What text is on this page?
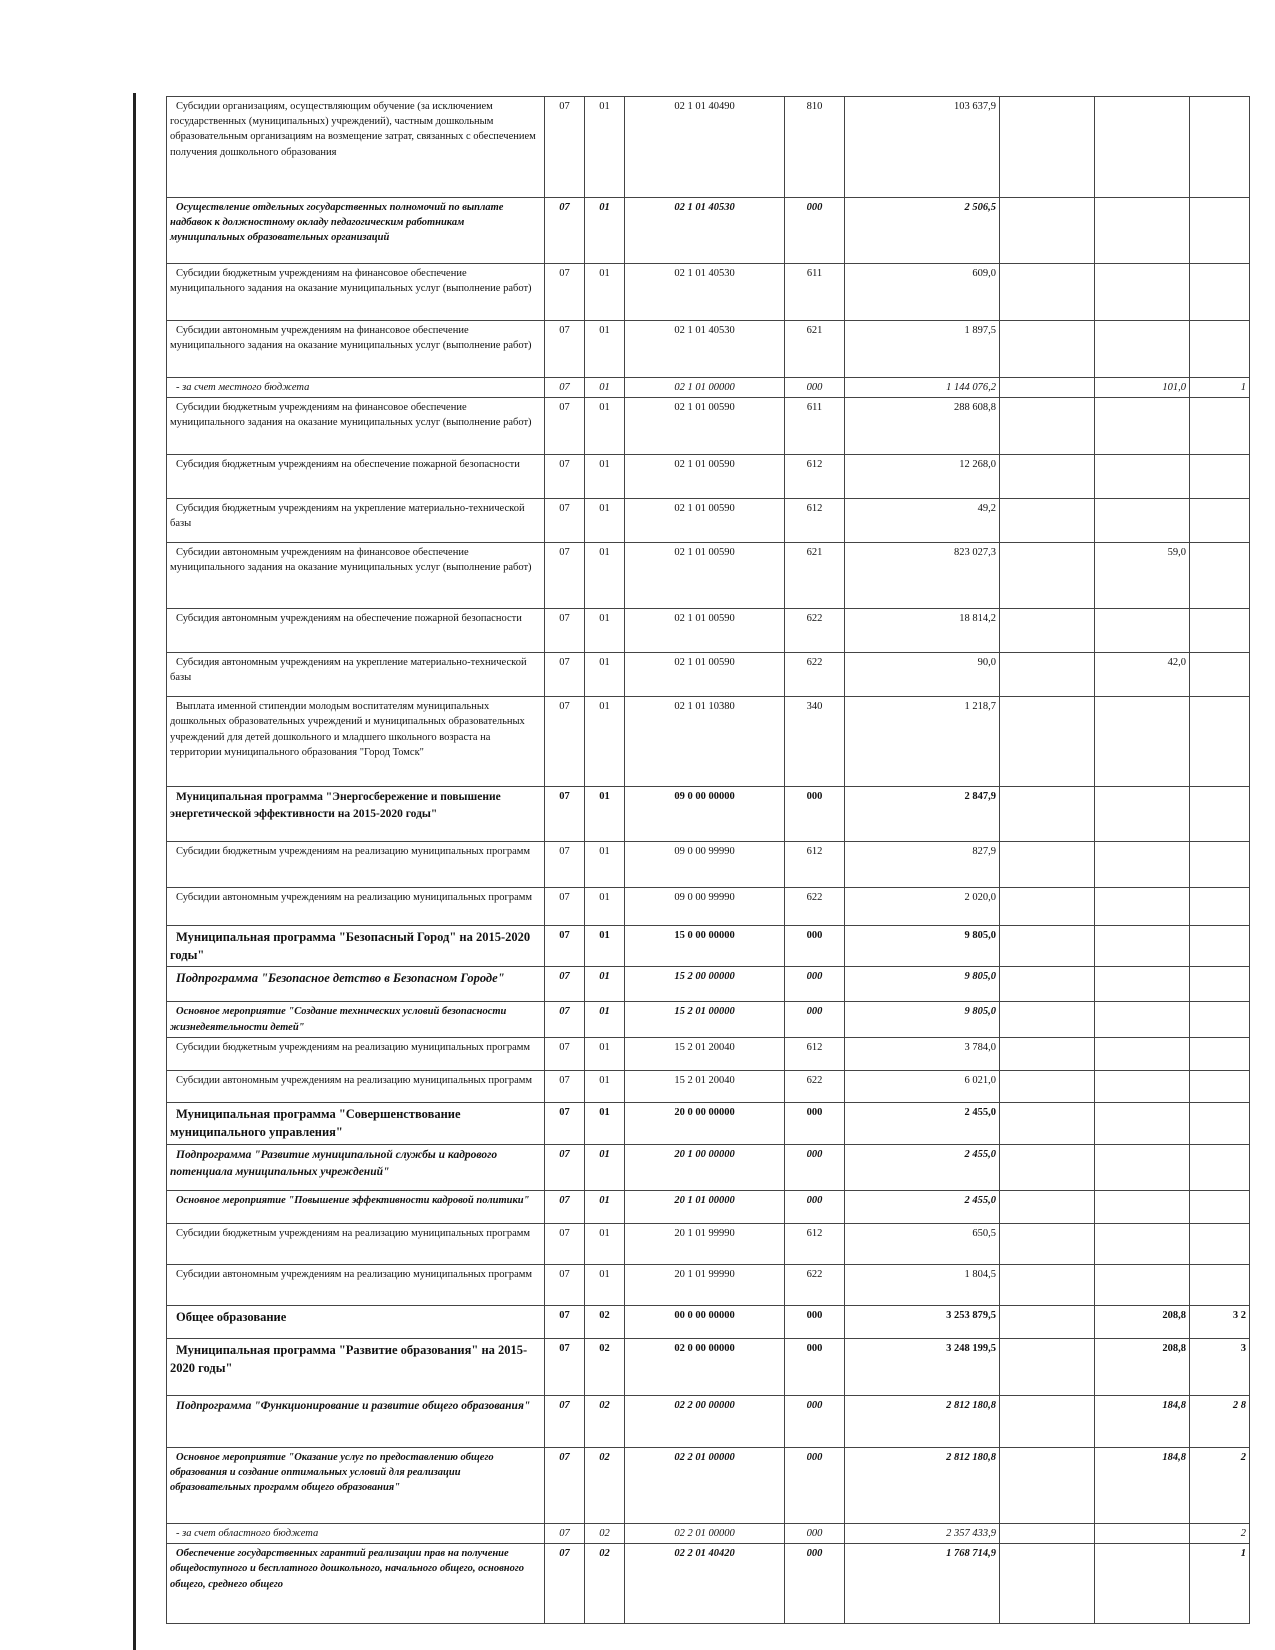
Субсидии организациям, осуществляющим обучение (за исключением государственных (муниципальных) учреждений), частным дошкольным образовательным организациям на возмещение затрат, связанных с обеспечением получения дошкольного образования	07	01	02 1 01 40490	810	103 637,9			
Осуществление отдельных государственных полномочий по выплате надбавок к должностному окладу педагогическим работникам муниципальных образовательных организаций	07	01	02 1 01 40530	000	2 506,5			
Субсидии бюджетным учреждениям на финансовое обеспечение муниципального задания на оказание муниципальных услуг (выполнение работ)	07	01	02 1 01 40530	611	609,0			
Субсидии автономным учреждениям на финансовое обеспечение муниципального задания на оказание муниципальных услуг (выполнение работ)	07	01	02 1 01 40530	621	1 897,5			
- за счет местного бюджета	07	01	02 1 01 00000	000	1 144 076,2		101,0	1
Субсидии бюджетным учреждениям на финансовое обеспечение муниципального задания на оказание муниципальных услуг (выполнение работ)	07	01	02 1 01 00590	611	288 608,8			
Субсидия бюджетным учреждениям на обеспечение пожарной безопасности	07	01	02 1 01 00590	612	12 268,0			
Субсидия бюджетным учреждениям на укрепление материально-технической базы	07	01	02 1 01 00590	612	49,2			
Субсидии автономным учреждениям на финансовое обеспечение муниципального задания на оказание муниципальных услуг (выполнение работ)	07	01	02 1 01 00590	621	823 027,3		59,0	
Субсидия автономным учреждениям на обеспечение пожарной безопасности	07	01	02 1 01 00590	622	18 814,2			
Субсидия автономным учреждениям на укрепление материально-технической базы	07	01	02 1 01 00590	622	90,0		42,0	
Выплата именной стипендии молодым воспитателям муниципальных дошкольных образовательных учреждений и муниципальных образовательных учреждений для детей дошкольного и младшего школьного возраста на территории муниципального образования "Город Томск"	07	01	02 1 01 10380	340	1 218,7			
Муниципальная программа "Энергосбережение и повышение энергетической эффективности на 2015-2020 годы"	07	01	09 0 00 00000	000	2 847,9			
Субсидии бюджетным учреждениям на реализацию муниципальных программ	07	01	09 0 00 99990	612	827,9			
Субсидии автономным учреждениям на реализацию муниципальных программ	07	01	09 0 00 99990	622	2 020,0			
Муниципальная программа "Безопасный Город" на 2015-2020 годы"	07	01	15 0 00 00000	000	9 805,0			
Подпрограмма "Безопасное детство в Безопасном Городе"	07	01	15 2 00 00000	000	9 805,0			
Основное мероприятие "Создание технических условий безопасности жизнедеятельности детей"	07	01	15 2 01 00000	000	9 805,0			
Субсидии бюджетным учреждениям на реализацию муниципальных программ	07	01	15 2 01 20040	612	3 784,0			
Субсидии автономным учреждениям на реализацию муниципальных программ	07	01	15 2 01 20040	622	6 021,0			
Муниципальная программа "Совершенствование муниципального управления"	07	01	20 0 00 00000	000	2 455,0			
Подпрограмма "Развитие муниципальной службы и кадрового потенциала муниципальных учреждений"	07	01	20 1 00 00000	000	2 455,0			
Основное мероприятие "Повышение эффективности кадровой политики"	07	01	20 1 01 00000	000	2 455,0			
Субсидии бюджетным учреждениям на реализацию муниципальных программ	07	01	20 1 01 99990	612	650,5			
Субсидии автономным учреждениям на реализацию муниципальных программ	07	01	20 1 01 99990	622	1 804,5			
Общее образование	07	02	00 0 00 00000	000	3 253 879,5		208,8	3 2
Муниципальная программа "Развитие образования" на 2015-2020 годы"	07	02	02 0 00 00000	000	3 248 199,5		208,8	3
Подпрограмма "Функционирование и развитие общего образования"	07	02	02 2 00 00000	000	2 812 180,8		184,8	2 8
Основное мероприятие "Оказание услуг по предоставлению общего образования и создание оптимальных условий для реализации образовательных программ общего образования"	07	02	02 2 01 00000	000	2 812 180,8		184,8	2
- за счет областного бюджета	07	02	02 2 01 00000	000	2 357 433,9			2
Обеспечение государственных гарантий реализации прав на получение общедоступного и бесплатного дошкольного, начального общего, основного общего, среднего общего	07	02	02 2 01 40420	000	1 768 714,9			1
